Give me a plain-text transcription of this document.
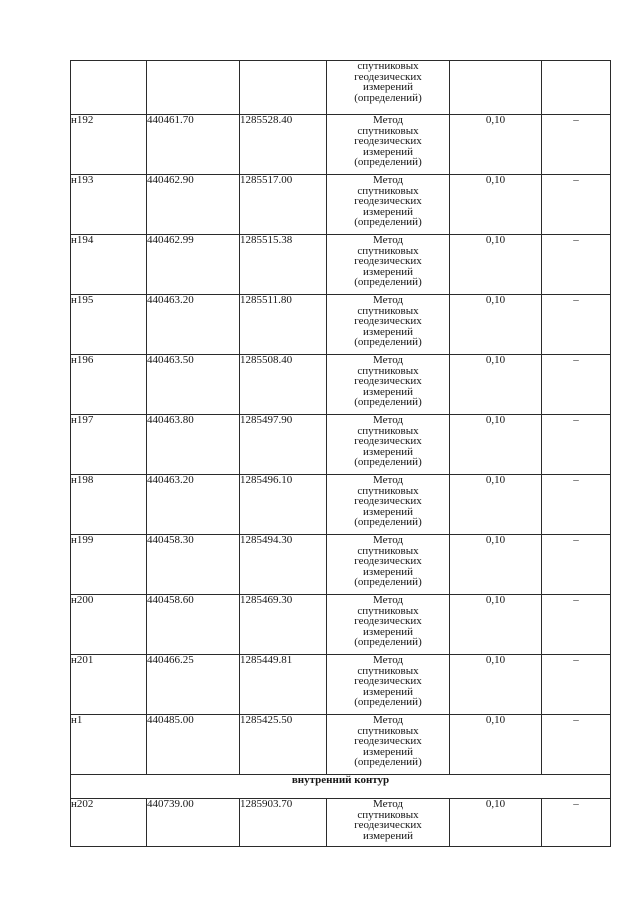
			спутниковых
геодезических
измерений
(определений)		

н192	440461.70	1285528.40	Метод
спутниковых
геодезических
измерений
(определений)	0,10	–
н193	440462.90	1285517.00	Метод
спутниковых
геодезических
измерений
(определений)	0,10	–
н194	440462.99	1285515.38	Метод
спутниковых
геодезических
измерений
(определений)	0,10	–
н195	440463.20	1285511.80	Метод
спутниковых
геодезических
измерений
(определений)	0,10	–
н196	440463.50	1285508.40	Метод
спутниковых
геодезических
измерений
(определений)	0,10	–
н197	440463.80	1285497.90	Метод
спутниковых
геодезических
измерений
(определений)	0,10	–
н198	440463.20	1285496.10	Метод
спутниковых
геодезических
измерений
(определений)	0,10	–
н199	440458.30	1285494.30	Метод
спутниковых
геодезических
измерений
(определений)	0,10	–
н200	440458.60	1285469.30	Метод
спутниковых
геодезических
измерений
(определений)	0,10	–
н201	440466.25	1285449.81	Метод
спутниковых
геодезических
измерений
(определений)	0,10	–
н1	440485.00	1285425.50	Метод
спутниковых
геодезических
измерений
(определений)	0,10	–
внутренний контур					
н202	440739.00	1285903.70	Метод
спутниковых
геодезических
измерений	0,10	–
